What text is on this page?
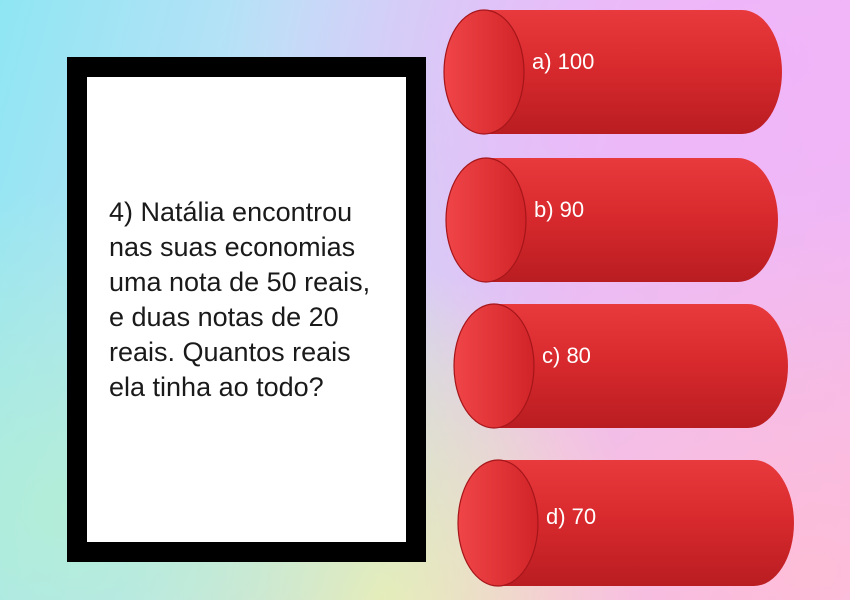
4) Natália encontrou nas suas economias uma nota de 50 reais, e duas notas de 20 reais. Quantos reais ela tinha ao todo?

a) 100
b) 90
c) 80
d) 70
